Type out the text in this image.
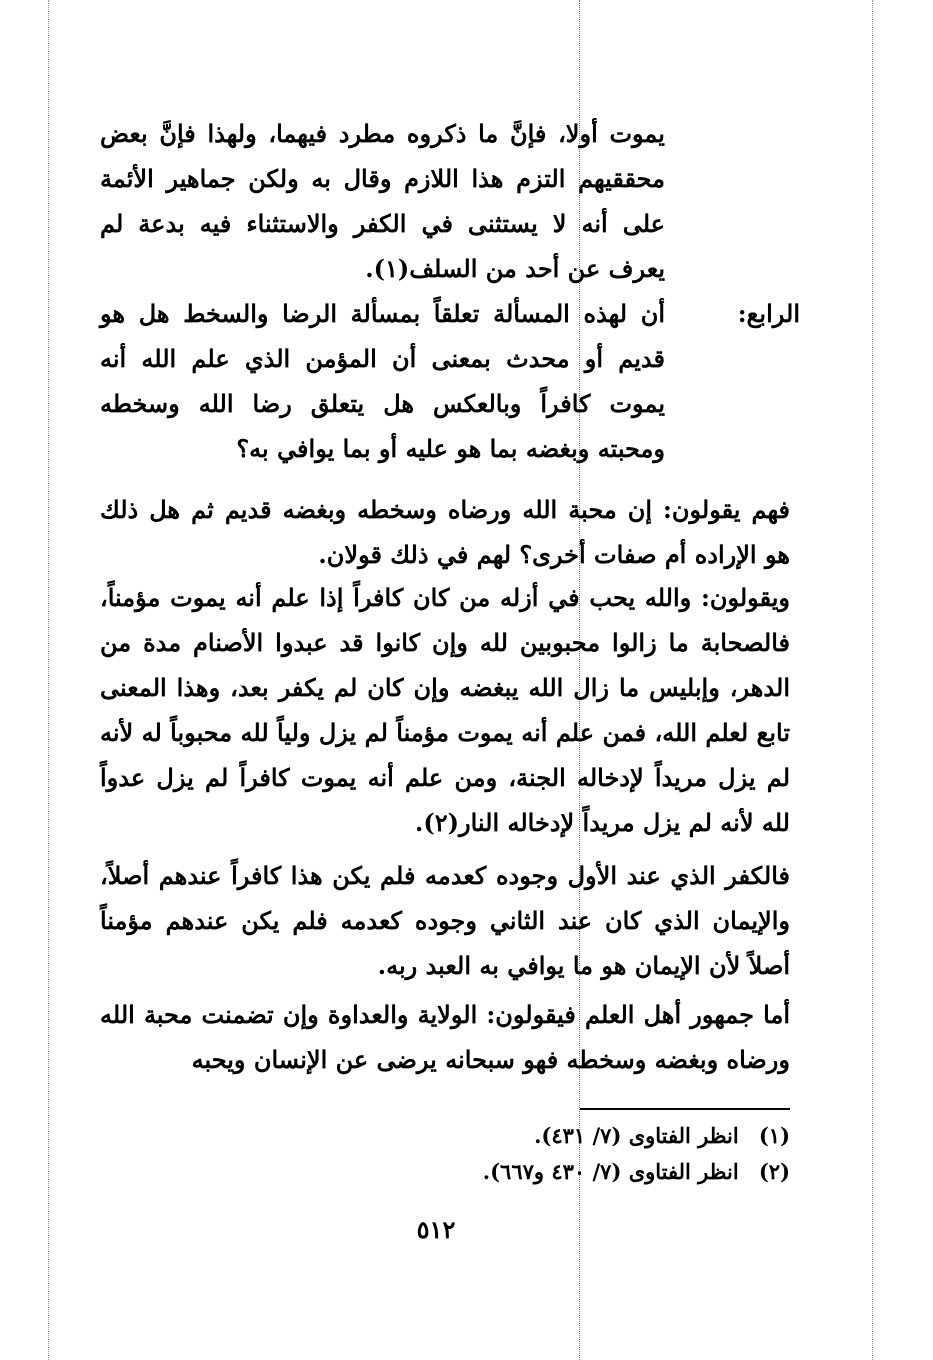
يموت أولا، فإنَّ ما ذكروه مطرد فيهما، ولهذا فإنَّ بعض محققيهم التزم هذا اللازم وقال به ولكن جماهير الأئمة على أنه لا يستثنى في الكفر والاستثناء فيه بدعة لم يعرف عن أحد من السلف(١).

الرابع:

أن لهذه المسألة تعلقاً بمسألة الرضا والسخط هل هو قديم أو محدث بمعنى أن المؤمن الذي علم الله أنه يموت كافراً وبالعكس هل يتعلق رضا الله وسخطه ومحبته وبغضه بما هو عليه أو بما يوافي به؟

فهم يقولون: إن محبة الله ورضاه وسخطه وبغضه قديم ثم هل ذلك هو الإراده أم صفات أخرى؟ لهم في ذلك قولان.

ويقولون: والله يحب في أزله من كان كافراً إذا علم أنه يموت مؤمناً، فالصحابة ما زالوا محبوبين لله وإن كانوا قد عبدوا الأصنام مدة من الدهر، وإبليس ما زال الله يبغضه وإن كان لم يكفر بعد، وهذا المعنى تابع لعلم الله، فمن علم أنه يموت مؤمناً لم يزل ولياً لله محبوباً له لأنه لم يزل مريداً لإدخاله الجنة، ومن علم أنه يموت كافراً لم يزل عدواً لله لأنه لم يزل مريداً لإدخاله النار(٢).

فالكفر الذي عند الأول وجوده كعدمه فلم يكن هذا كافراً عندهم أصلاً، والإيمان الذي كان عند الثاني وجوده كعدمه فلم يكن عندهم مؤمناً أصلاً لأن الإيمان هو ما يوافي به العبد ربه.

أما جمهور أهل العلم فيقولون: الولاية والعداوة وإن تضمنت محبة الله ورضاه وبغضه وسخطه فهو سبحانه يرضى عن الإنسان ويحبه

(١) انظر الفتاوى (٧/ ٤٣١).
(٢) انظر الفتاوى (٧/ ٤٣٠ و٦٦٧).
٥١٢
